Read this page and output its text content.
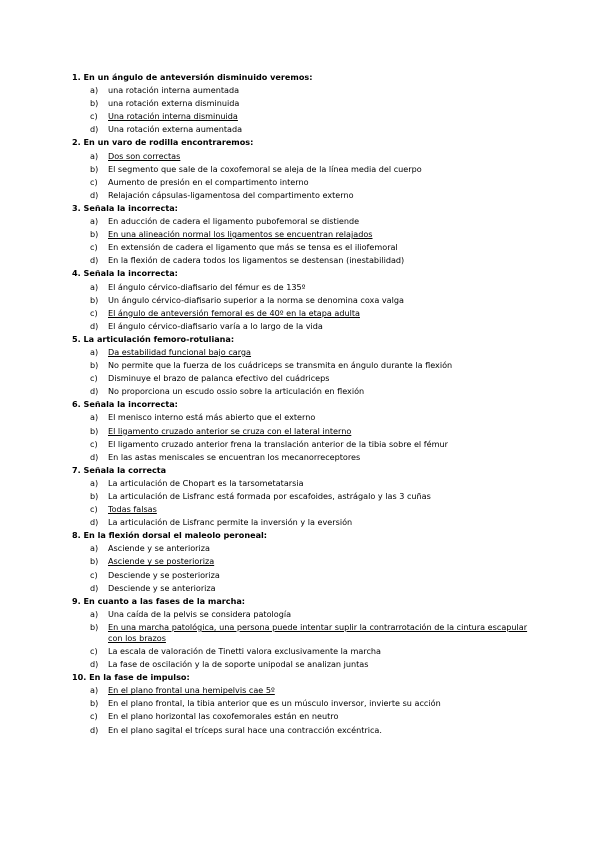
1. En un ángulo de anteversión disminuido veremos:
a)	una rotación interna aumentada
b)	una rotación externa disminuida
c)	Una rotación interna disminuida
d)	Una rotación externa aumentada
2. En un varo de rodilla encontraremos:
a)	Dos son correctas
b)	El segmento que sale de la coxofemoral se aleja de la línea media del cuerpo
c)	Aumento de presión en el compartimento interno
d)	Relajación cápsulas-ligamentosa del compartimento externo
3. Señala la incorrecta:
a)	En aducción de cadera el ligamento pubofemoral se distiende
b)	En una alineación normal los ligamentos se encuentran relajados
c)	En extensión de cadera el ligamento que más se tensa es el iliofemoral
d)	En la flexión de cadera todos los ligamentos se destensan (inestabilidad)
4. Señala la incorrecta:
a)	El ángulo cérvico-diafisario del fémur es de 135º
b)	Un ángulo cérvico-diafisario superior a la norma se denomina coxa valga
c)	El ángulo de anteversión femoral es de 40º en la etapa adulta
d)	El ángulo cérvico-diafisario varía a lo largo de la vida
5. La articulación femoro-rotuliana:
a)	Da estabilidad funcional bajo carga
b)	No permite que la fuerza de los cuádriceps se transmita en ángulo durante la flexión
c)	Disminuye el brazo de palanca efectivo del cuádriceps
d)	No proporciona un escudo ossio sobre la articulación en flexión
6. Señala la incorrecta:
a)	El menisco interno está más abierto que el externo
b)	El ligamento cruzado anterior se cruza con el lateral interno
c)	El ligamento cruzado anterior frena la translación anterior de la tibia sobre el fémur
d)	En las astas meniscales se encuentran los mecanorreceptores
7. Señala la correcta
a)	La articulación de Chopart es la tarsometatarsia
b)	La articulación de Lisfranc está formada por escafoides, astrágalo y las 3 cuñas
c)	Todas falsas
d)	La articulación de Lisfranc permite la inversión y la eversión
8. En la flexión dorsal el maleolo peroneal:
a)	Asciende y se anterioriza
b)	Asciende y se posterioriza
c)	Desciende y se posterioriza
d)	Desciende y se anterioriza
9. En cuanto a las fases de la marcha:
a)	Una caída de la pelvis se considera patología
b)	En una marcha patológica, una persona puede intentar suplir la contrarrotación de la cintura escapular con los brazos
c)	La escala de valoración de Tinetti valora exclusivamente la marcha
d)	La fase de oscilación y la de soporte unipodal se analizan juntas
10. En la fase de impulso:
a)	En el plano frontal una hemipelvis cae 5º
b)	En el plano frontal, la tibia anterior que es un músculo inversor, invierte su acción
c)	En el plano horizontal las coxofemorales están en neutro
d)	En el plano sagital el tríceps sural hace una contracción excéntrica.
